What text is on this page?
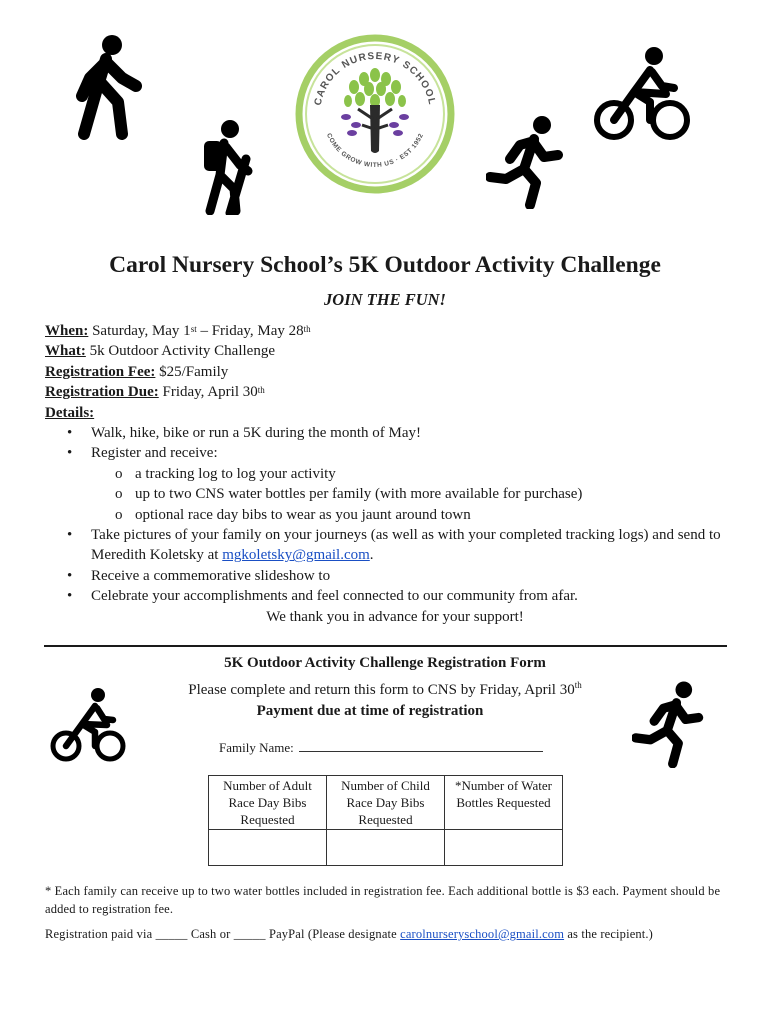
CAROL NURSERY SCHOOL
COME GROW WITH US · EST 1952
Carol Nursery School’s 5K Outdoor Activity Challenge
JOIN THE FUN!
When: Saturday, May 1st – Friday, May 28th
What: 5k Outdoor Activity Challenge
Registration Fee: $25/Family
Registration Due: Friday, April 30th
Details:
• Walk, hike, bike or run a 5K during the month of May!
• Register and receive:
o a tracking log to log your activity
o up to two CNS water bottles per family (with more available for purchase)
o optional race day bibs to wear as you jaunt around town
• Take pictures of your family on your journeys (as well as with your completed tracking logs) and send to Meredith Koletsky at mgkoletsky@gmail.com.
• Receive a commemorative slideshow to
• Celebrate your accomplishments and feel connected to our community from afar.
We thank you in advance for your support!
5K Outdoor Activity Challenge Registration Form
Please complete and return this form to CNS by Friday, April 30th
Payment due at time of registration
Family Name:
Number of Adult Race Day Bibs Requested	Number of Child Race Day Bibs Requested	*Number of Water Bottles Requested

* Each family can receive up to two water bottles included in registration fee. Each additional bottle is $3 each. Payment should be added to registration fee.
Registration paid via _____ Cash or _____ PayPal (Please designate carolnurseryschool@gmail.com as the recipient.)
